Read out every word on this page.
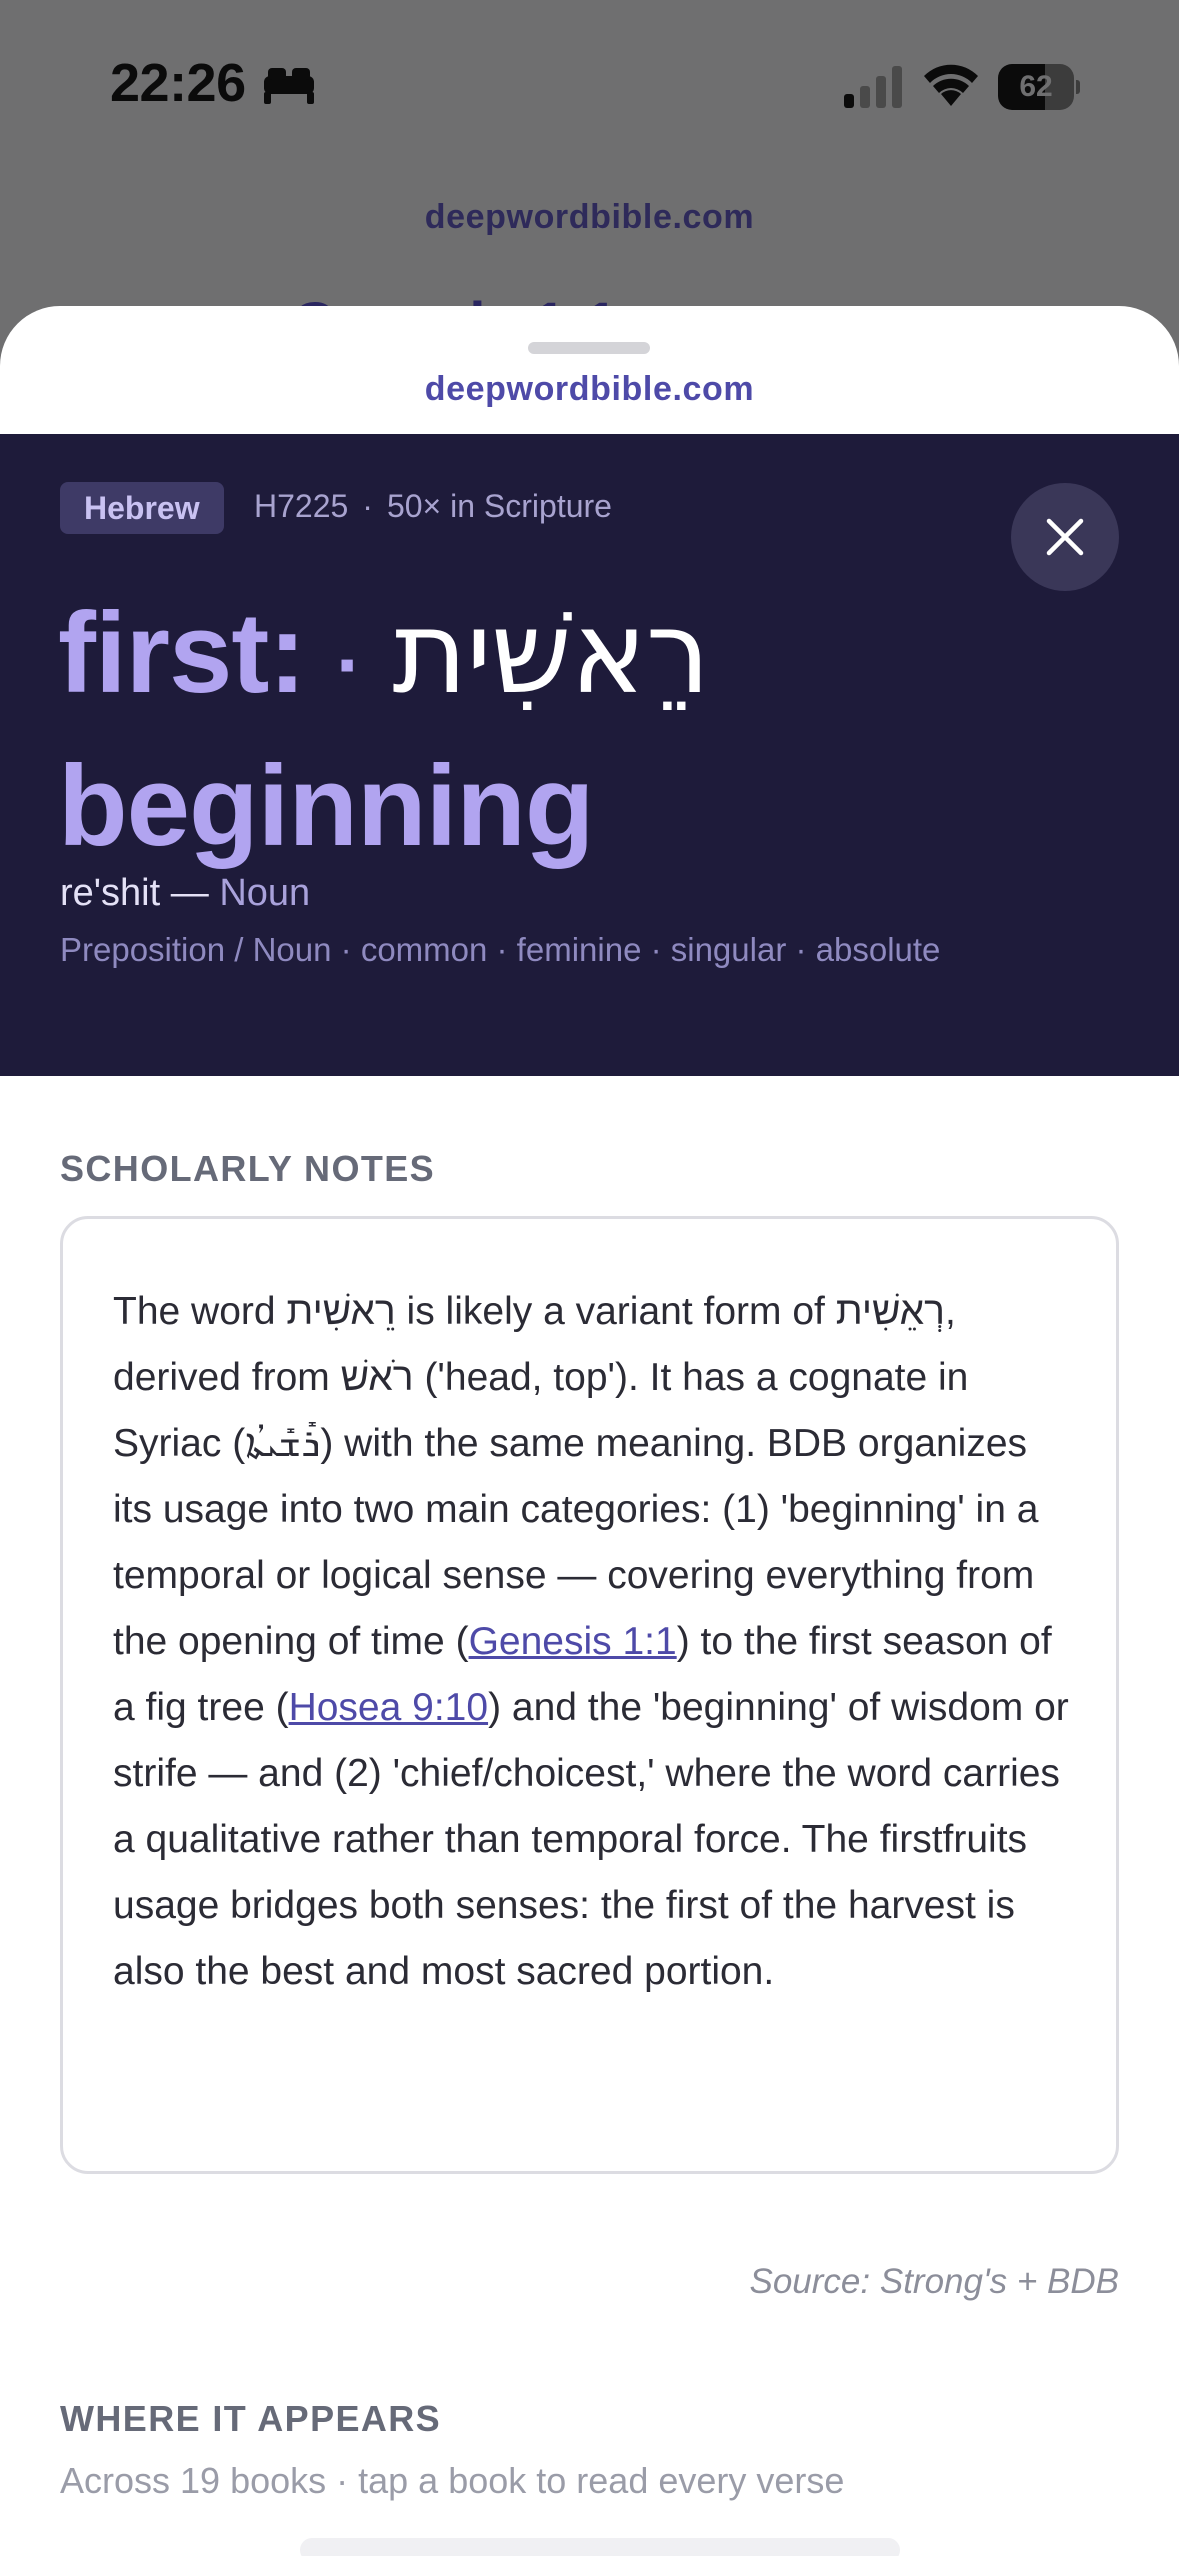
22:26	62
deepwordbible.com
deepwordbible.com
Hebrew	H7225 · 50× in Scripture
first: · רֵאשִׁית
beginning
re'shit — Noun
Preposition / Noun · common · feminine · singular · absolute
SCHOLARLY NOTES
The word רֵאשִׁית is likely a variant form of רְאֵשִׁית, derived from רֹאשׁ ('head, top'). It has a cognate in Syriac (ܪܺܫܺܝܬܳܐ) with the same meaning. BDB organizes its usage into two main categories: (1) 'beginning' in a temporal or logical sense — covering everything from the opening of time (Genesis 1:1) to the first season of a fig tree (Hosea 9:10) and the 'beginning' of wisdom or strife — and (2) 'chief/choicest,' where the word carries a qualitative rather than temporal force. The firstfruits usage bridges both senses: the first of the harvest is also the best and most sacred portion.
Source: Strong's + BDB
WHERE IT APPEARS
Across 19 books · tap a book to read every verse
